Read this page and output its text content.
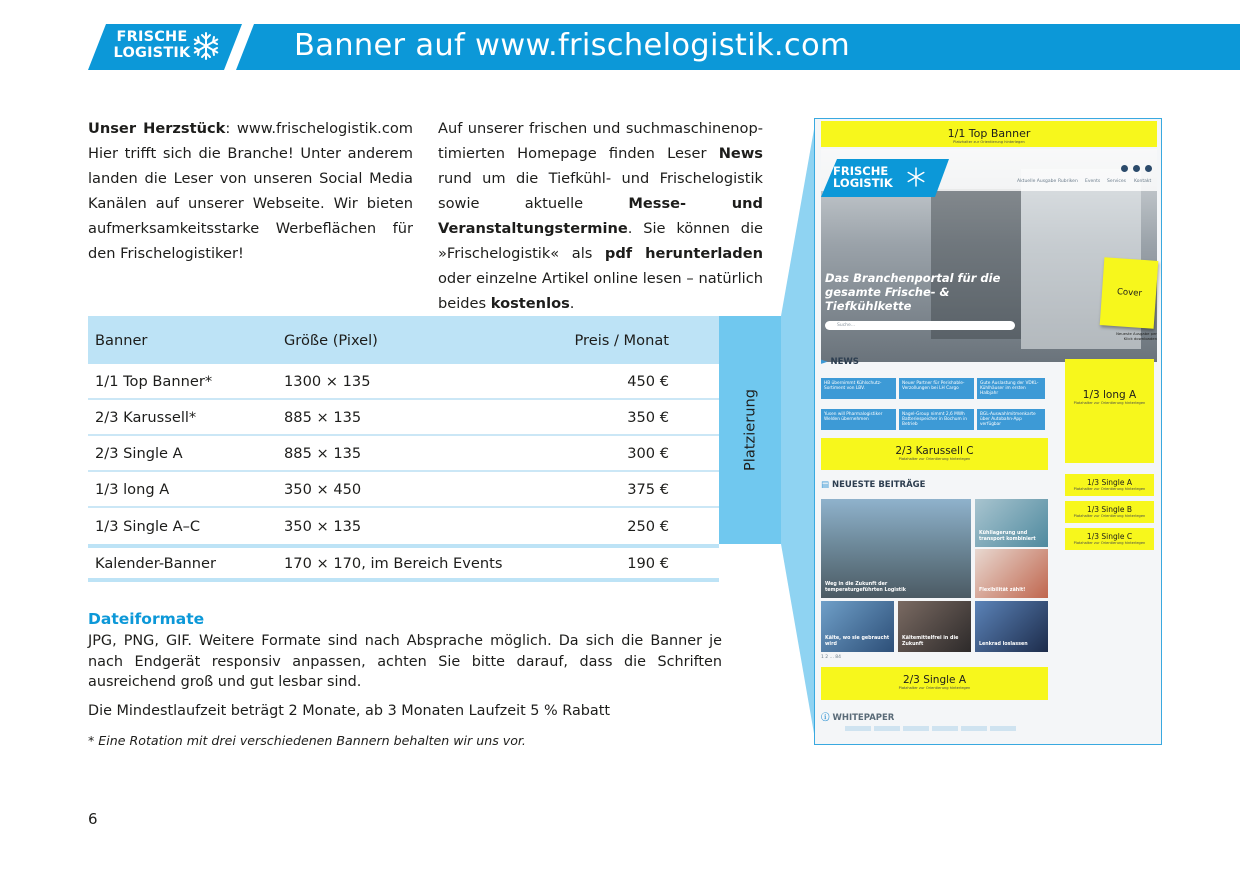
FRISCHE
LOGISTIK	Banner auf www.frischelogistik.com
Unser Herzstück: www.frischelogistik.com Hier trifft sich die Branche! Unter anderem landen die Leser von unseren Social Media Kanälen auf unserer Webseite. Wir bieten aufmerksamkeitsstarke Werbeflächen für den Frischelogistiker!
Auf unserer frischen und suchmaschinenoptimierten Homepage finden Leser News rund um die Tiefkühl- und Frischelogistik sowie aktuelle Messe- und Veranstaltungstermine. Sie können die »Frischelogistik« als pdf herunterladen oder einzelne Artikel online lesen – natürlich beides kostenlos.
Banner	Größe (Pixel)	Preis / Monat
1/1 Top Banner*	1300 × 135	450 €
2/3 Karussell*	885 × 135	350 €
2/3 Single A	885 × 135	300 €
1/3 long A	350 × 450	375 €
1/3 Single A–C	350 × 135	250 €
Kalender-Banner	170 × 170, im Bereich Events	190 €
Platzierung
Dateiformate
JPG, PNG, GIF. Weitere Formate sind nach Absprache möglich. Da sich die Banner je nach Endgerät responsiv anpassen, achten Sie bitte darauf, dass die Schriften ausreichend groß und gut lesbar sind.
Die Mindestlaufzeit beträgt 2 Monate, ab 3 Monaten Laufzeit 5 % Rabatt
* Eine Rotation mit drei verschiedenen Bannern behalten wir uns vor.
6
1/1 Top Banner
Platzhalter zur Orientierung hinterlegen
FRISCHE
LOGISTIK	Aktuelle Ausgabe Rubriken Events Services Kontakt
Das Branchenportal für die gesamte Frische- & Tiefkühlkette
Suche...
Cover
Neueste Ausgabe per Klick downloaden
► NEWS
HB übernimmt Kühlschutz-Sortiment von LBV.
Neuer Partner für Perishable-Verzollungen bei LH Cargo
Gute Auslastung der VDKL-Kühlhäuser im ersten Halbjahr
Yusen will Pharmalogistiker Welden übernehmen
Nagel-Group nimmt 2,6 MWh Batteriespeicher in Bochum in Betrieb
BGL-Auswahlmitmenkarte über Autobahn-App verfügbar
1/3 long A
Platzhalter zur Orientierung hinterlegen
2/3 Karussell C
Platzhalter zur Orientierung hinterlegen
1/3 Single A
Platzhalter zur Orientierung hinterlegen
1/3 Single B
Platzhalter zur Orientierung hinterlegen
1/3 Single C
Platzhalter zur Orientierung hinterlegen
▤ NEUESTE BEITRÄGE
Weg in die Zukunft der temperaturgeführten Logistik
Kühllagerung und transport kombiniert
Flexibilität zählt!
Kälte, wo sie gebraucht wird
Kältemittelfrei in die Zukunft	Lenkrad loslassen
1 2 ... 84
2/3 Single A
Platzhalter zur Orientierung hinterlegen
ⓘ WHITEPAPER
